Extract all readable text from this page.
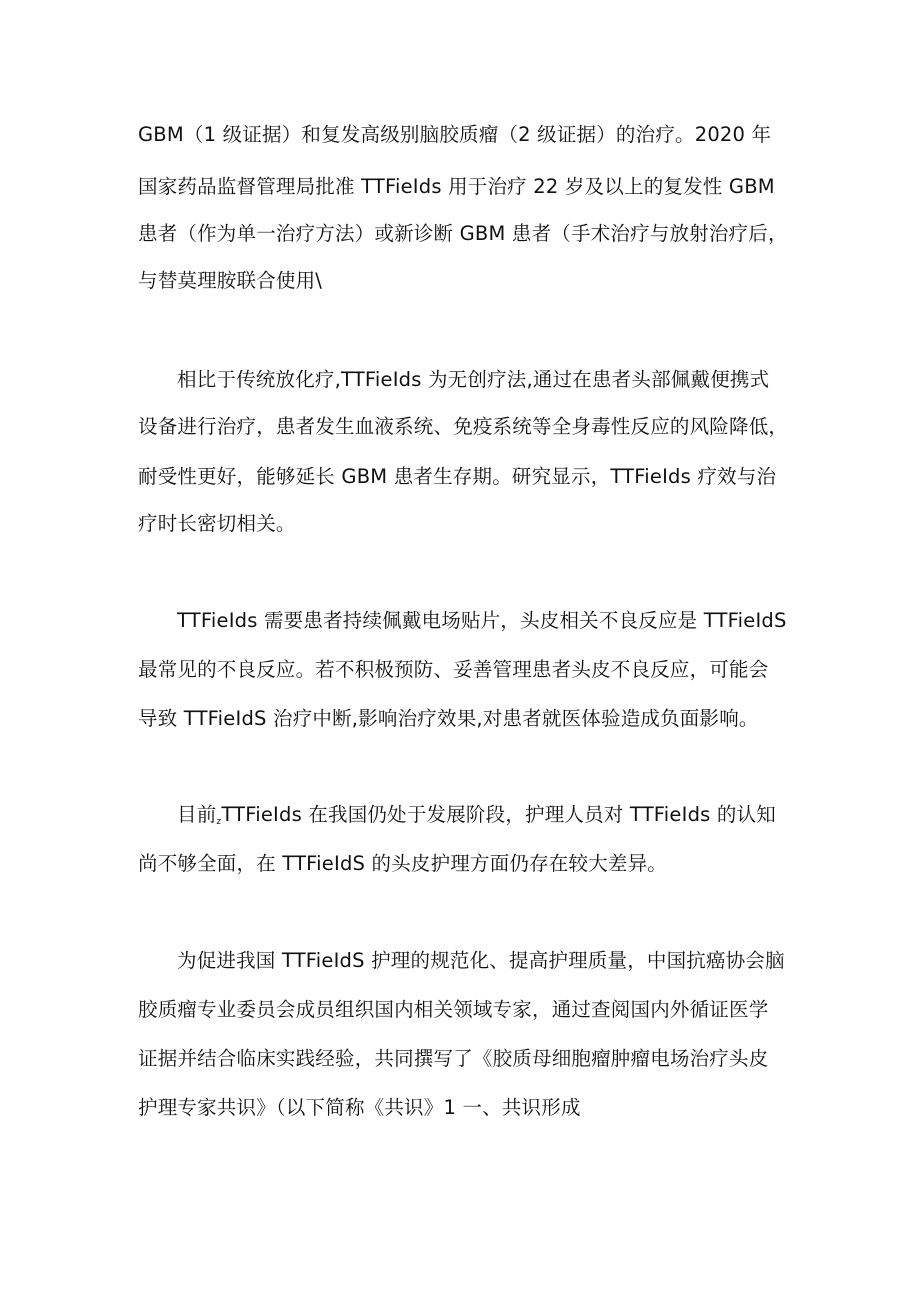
GBM（1 级证据）和复发高级别脑胶质瘤（2 级证据）的治疗。2020 年
国家药品监督管理局批准 TTFieIds 用于治疗 22 岁及以上的复发性 GBM
患者（作为单一治疗方法）或新诊断 GBM 患者（手术治疗与放射治疗后，
与替莫理胺联合使用\
相比于传统放化疗,TTFieIds 为无创疗法,通过在患者头部佩戴便携式
设备进行治疗，患者发生血液系统、免疫系统等全身毒性反应的风险降低，
耐受性更好，能够延长 GBM 患者生存期。研究显示，TTFieIds 疗效与治
疗时长密切相关。
TTFieIds 需要患者持续佩戴电场贴片，头皮相关不良反应是 TTFieIdS
最常见的不良反应。若不积极预防、妥善管理患者头皮不良反应，可能会
导致 TTFieIdS 治疗中断,影响治疗效果,对患者就医体验造成负面影响。
目前$_z$TTFieIds 在我国仍处于发展阶段，护理人员对 TTFieIds 的认知
尚不够全面，在 TTFieIdS 的头皮护理方面仍存在较大差异。
为促进我国 TTFieIdS 护理的规范化、提高护理质量，中国抗癌协会脑
胶质瘤专业委员会成员组织国内相关领域专家，通过查阅国内外循证医学
证据并结合临床实践经验，共同撰写了《胶质母细胞瘤肿瘤电场治疗头皮
护理专家共识》（以下简称《共识》1 一、共识形成
